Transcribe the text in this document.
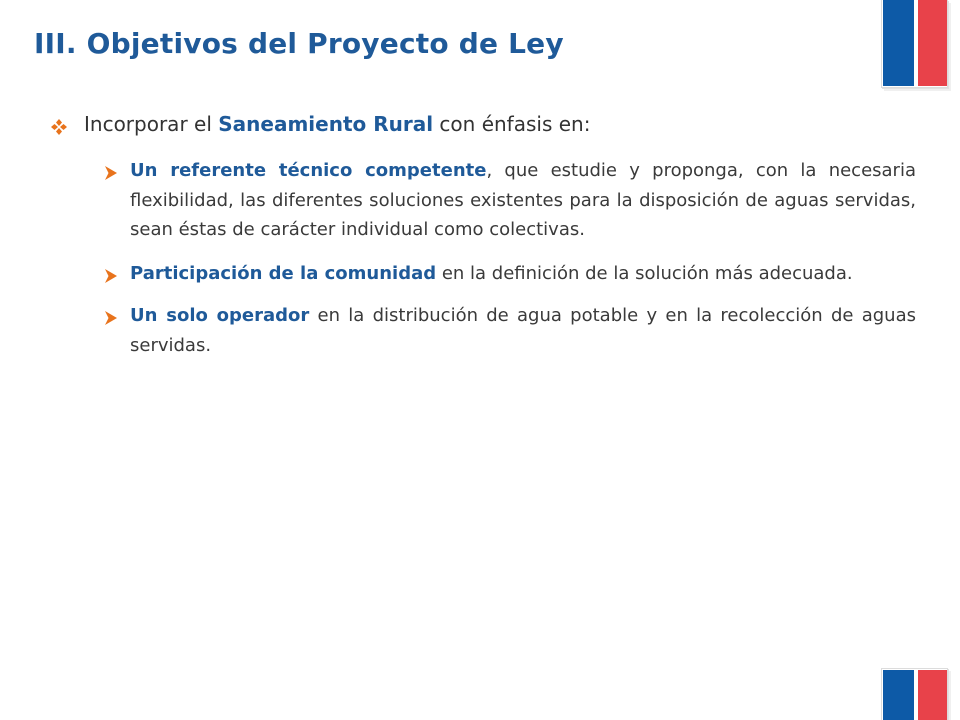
III. Objetivos del Proyecto de Ley
Incorporar el Saneamiento Rural con énfasis en:
Un referente técnico competente, que estudie y proponga, con la necesaria flexibilidad, las diferentes soluciones existentes para la disposición de aguas servidas, sean éstas de carácter individual como colectivas.
Participación de la comunidad en la definición de la solución más adecuada.
Un solo operador en la distribución de agua potable y en la recolección de aguas servidas.
